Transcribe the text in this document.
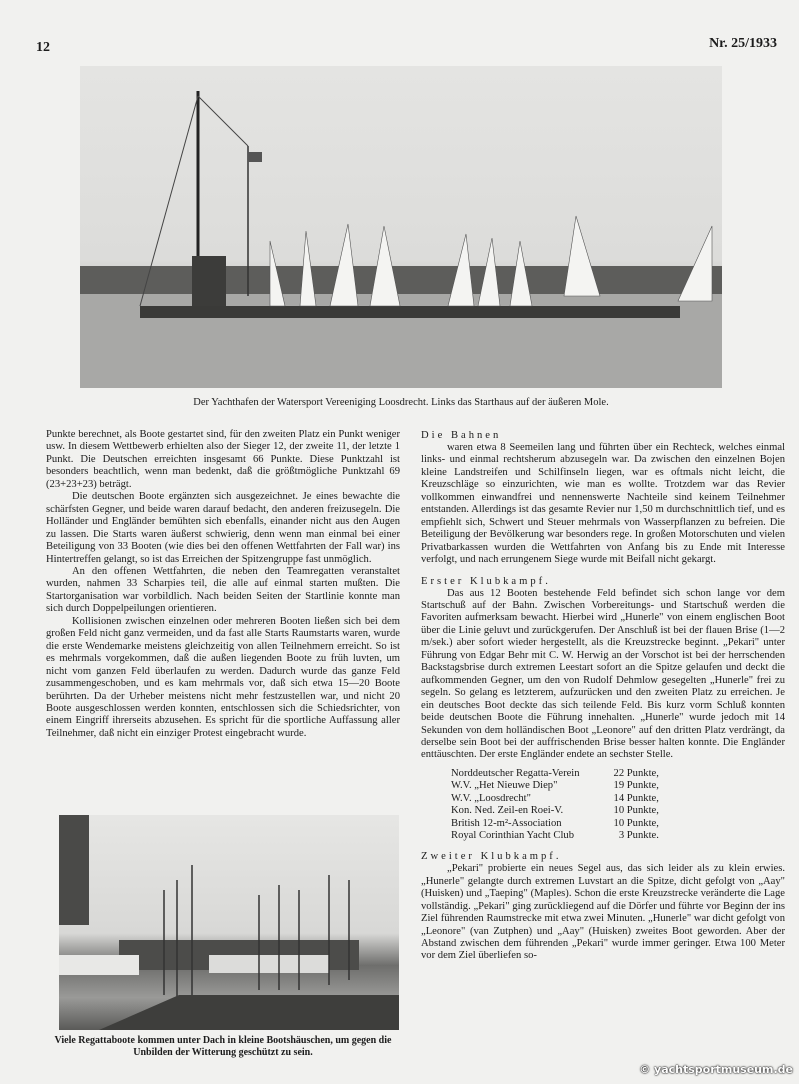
12	Nr. 25/1933
Der Yachthafen der Watersport Vereeniging Loosdrecht. Links das Starthaus auf der äußeren Mole.

Punkte berechnet, als Boote gestartet sind, für den zweiten Platz ein Punkt weniger usw. In diesem Wettbewerb erhielten also der Sieger 12, der zweite 11, der letzte 1 Punkt. Die Deutschen erreichten insgesamt 66 Punkte. Diese Punktzahl ist besonders beachtlich, wenn man bedenkt, daß die größtmögliche Punktzahl 69 (23+23+23) beträgt.

Die deutschen Boote ergänzten sich ausgezeichnet. Je eines bewachte die schärfsten Gegner, und beide waren darauf bedacht, den anderen freizusegeln. Die Holländer und Engländer bemühten sich ebenfalls, einander nicht aus den Augen zu lassen. Die Starts waren äußerst schwierig, denn wenn man einmal bei einer Beteiligung von 33 Booten (wie dies bei den offenen Wettfahrten der Fall war) ins Hintertreffen gelangt, so ist das Erreichen der Spitzengruppe fast unmöglich.

An den offenen Wettfahrten, die neben den Teamregatten veranstaltet wurden, nahmen 33 Scharpies teil, die alle auf einmal starten mußten. Die Startorganisation war vorbildlich. Nach beiden Seiten der Startlinie konnte man sich durch Doppelpeilungen orientieren.

Kollisionen zwischen einzelnen oder mehreren Booten ließen sich bei dem großen Feld nicht ganz vermeiden, und da fast alle Starts Raumstarts waren, wurde die erste Wendemarke meistens gleichzeitig von allen Teilnehmern erreicht. So ist es mehrmals vorgekommen, daß die außen liegenden Boote zu früh luvten, um nicht vom ganzen Feld überlaufen zu werden. Dadurch wurde das ganze Feld zusammengeschoben, und es kam mehrmals vor, daß sich etwa 15—20 Boote berührten. Da der Urheber meistens nicht mehr festzustellen war, und nicht 20 Boote ausgeschlossen werden konnten, entschlossen sich die Schiedsrichter, von einem Eingriff ihrerseits abzusehen. Es spricht für die sportliche Auffassung aller Teilnehmer, daß nicht ein einziger Protest eingebracht wurde.

Viele Regattaboote kommen unter Dach in kleine Bootshäuschen, um gegen die Unbilden der Witterung geschützt zu sein.
Die Bahnen

waren etwa 8 Seemeilen lang und führten über ein Rechteck, welches einmal links- und einmal rechtsherum abzusegeln war. Da zwischen den einzelnen Bojen kleine Landstreifen und Schilfinseln liegen, war es oftmals nicht leicht, die Kreuzschläge so einzurichten, wie man es wollte. Trotzdem war das Revier vollkommen einwandfrei und nennenswerte Nachteile sind keinem Teilnehmer entstanden. Allerdings ist das gesamte Revier nur 1,50 m durchschnittlich tief, und es empfiehlt sich, Schwert und Steuer mehrmals von Wasserpflanzen zu befreien. Die Beteiligung der Bevölkerung war besonders rege. In großen Motorschuten und vielen Privatbarkassen wurden die Wettfahrten von Anfang bis zu Ende mit Interesse verfolgt, und nach errungenem Siege wurde mit Beifall nicht gekargt.

Erster Klubkampf.

Das aus 12 Booten bestehende Feld befindet sich schon lange vor dem Startschuß auf der Bahn. Zwischen Vorbereitungs- und Startschuß werden die Favoriten aufmerksam bewacht. Hierbei wird „Hunerle" von einem englischen Boot über die Linie geluvt und zurückgerufen. Der Anschluß ist bei der flauen Brise (1—2 m/sek.) aber sofort wieder hergestellt, als die Kreuzstrecke beginnt. „Pekari" unter Führung von Edgar Behr mit C. W. Herwig an der Vorschot ist bei der herrschenden Backstagsbrise durch extremen Leestart sofort an die Spitze gelaufen und deckt die aufkommenden Gegner, um den von Rudolf Dehmlow gesegelten „Hunerle" frei zu segeln. So gelang es letzterem, aufzurücken und den zweiten Platz zu erreichen. Je ein deutsches Boot deckte das sich teilende Feld. Bis kurz vorm Schluß konnten beide deutschen Boote die Führung innehalten. „Hunerle" wurde jedoch mit 14 Sekunden von dem holländischen Boot „Leonore" auf den dritten Platz verdrängt, da derselbe sein Boot bei der auffrischenden Brise besser halten konnte. Die Engländer enttäuschten. Der erste Engländer endete an sechster Stelle.

Norddeutscher Regatta-Verein	22 Punkte,
W.V. „Het Nieuwe Diep"	19 Punkte,
W.V. „Loosdrecht"	14 Punkte,
Kon. Ned. Zeil-en Roei-V.	10 Punkte,
British 12-m²-Association	10 Punkte,
Royal Corinthian Yacht Club	3 Punkte.
Zweiter Klubkampf.

„Pekari" probierte ein neues Segel aus, das sich leider als zu klein erwies. „Hunerle" gelangte durch extremen Luvstart an die Spitze, dicht gefolgt von „Aay" (Huisken) und „Taeping" (Maples). Schon die erste Kreuzstrecke veränderte die Lage vollständig. „Pekari" ging zurückliegend auf die Dörfer und führte vor Beginn der ins Ziel führenden Raumstrecke mit etwa zwei Minuten. „Hunerle" war dicht gefolgt von „Leonore" (van Zutphen) und „Aay" (Huisken) zweites Boot geworden. Aber der Abstand zwischen dem führenden „Pekari" wurde immer geringer. Etwa 100 Meter vor dem Ziel überliefen so-

© yachtsportmuseum.de
